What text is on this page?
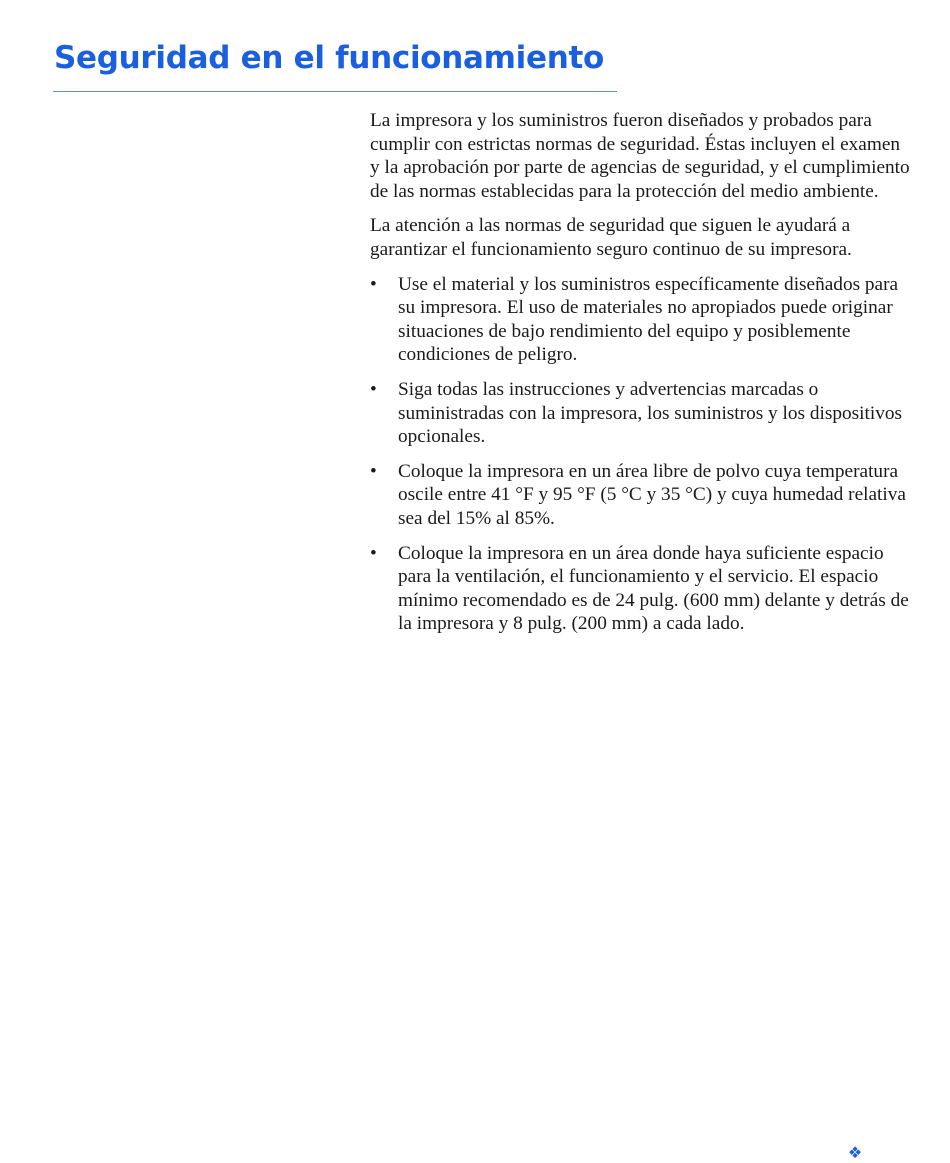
Seguridad en el funcionamiento

La impresora y los suministros fueron diseñados y probados para cumplir con estrictas normas de seguridad. Éstas incluyen el examen y la aprobación por parte de agencias de seguridad, y el cumplimiento de las normas establecidas para la protección del medio ambiente.

La atención a las normas de seguridad que siguen le ayudará a garantizar el funcionamiento seguro continuo de su impresora.

• Use el material y los suministros específicamente diseñados para su impresora. El uso de materiales no apropiados puede originar situaciones de bajo rendimiento del equipo y posiblemente condiciones de peligro.
• Siga todas las instrucciones y advertencias marcadas o suministradas con la impresora, los suministros y los dispositivos opcionales.
• Coloque la impresora en un área libre de polvo cuya temperatura oscile entre 41 °F y 95 °F (5 °C y 35 °C) y cuya humedad relativa sea del 15% al 85%.
• Coloque la impresora en un área donde haya suficiente espacio para la ventilación, el funcionamiento y el servicio. El espacio mínimo recomendado es de 24 pulg. (600 mm) delante y detrás de la impresora y 8 pulg. (200 mm) a cada lado.
❖
